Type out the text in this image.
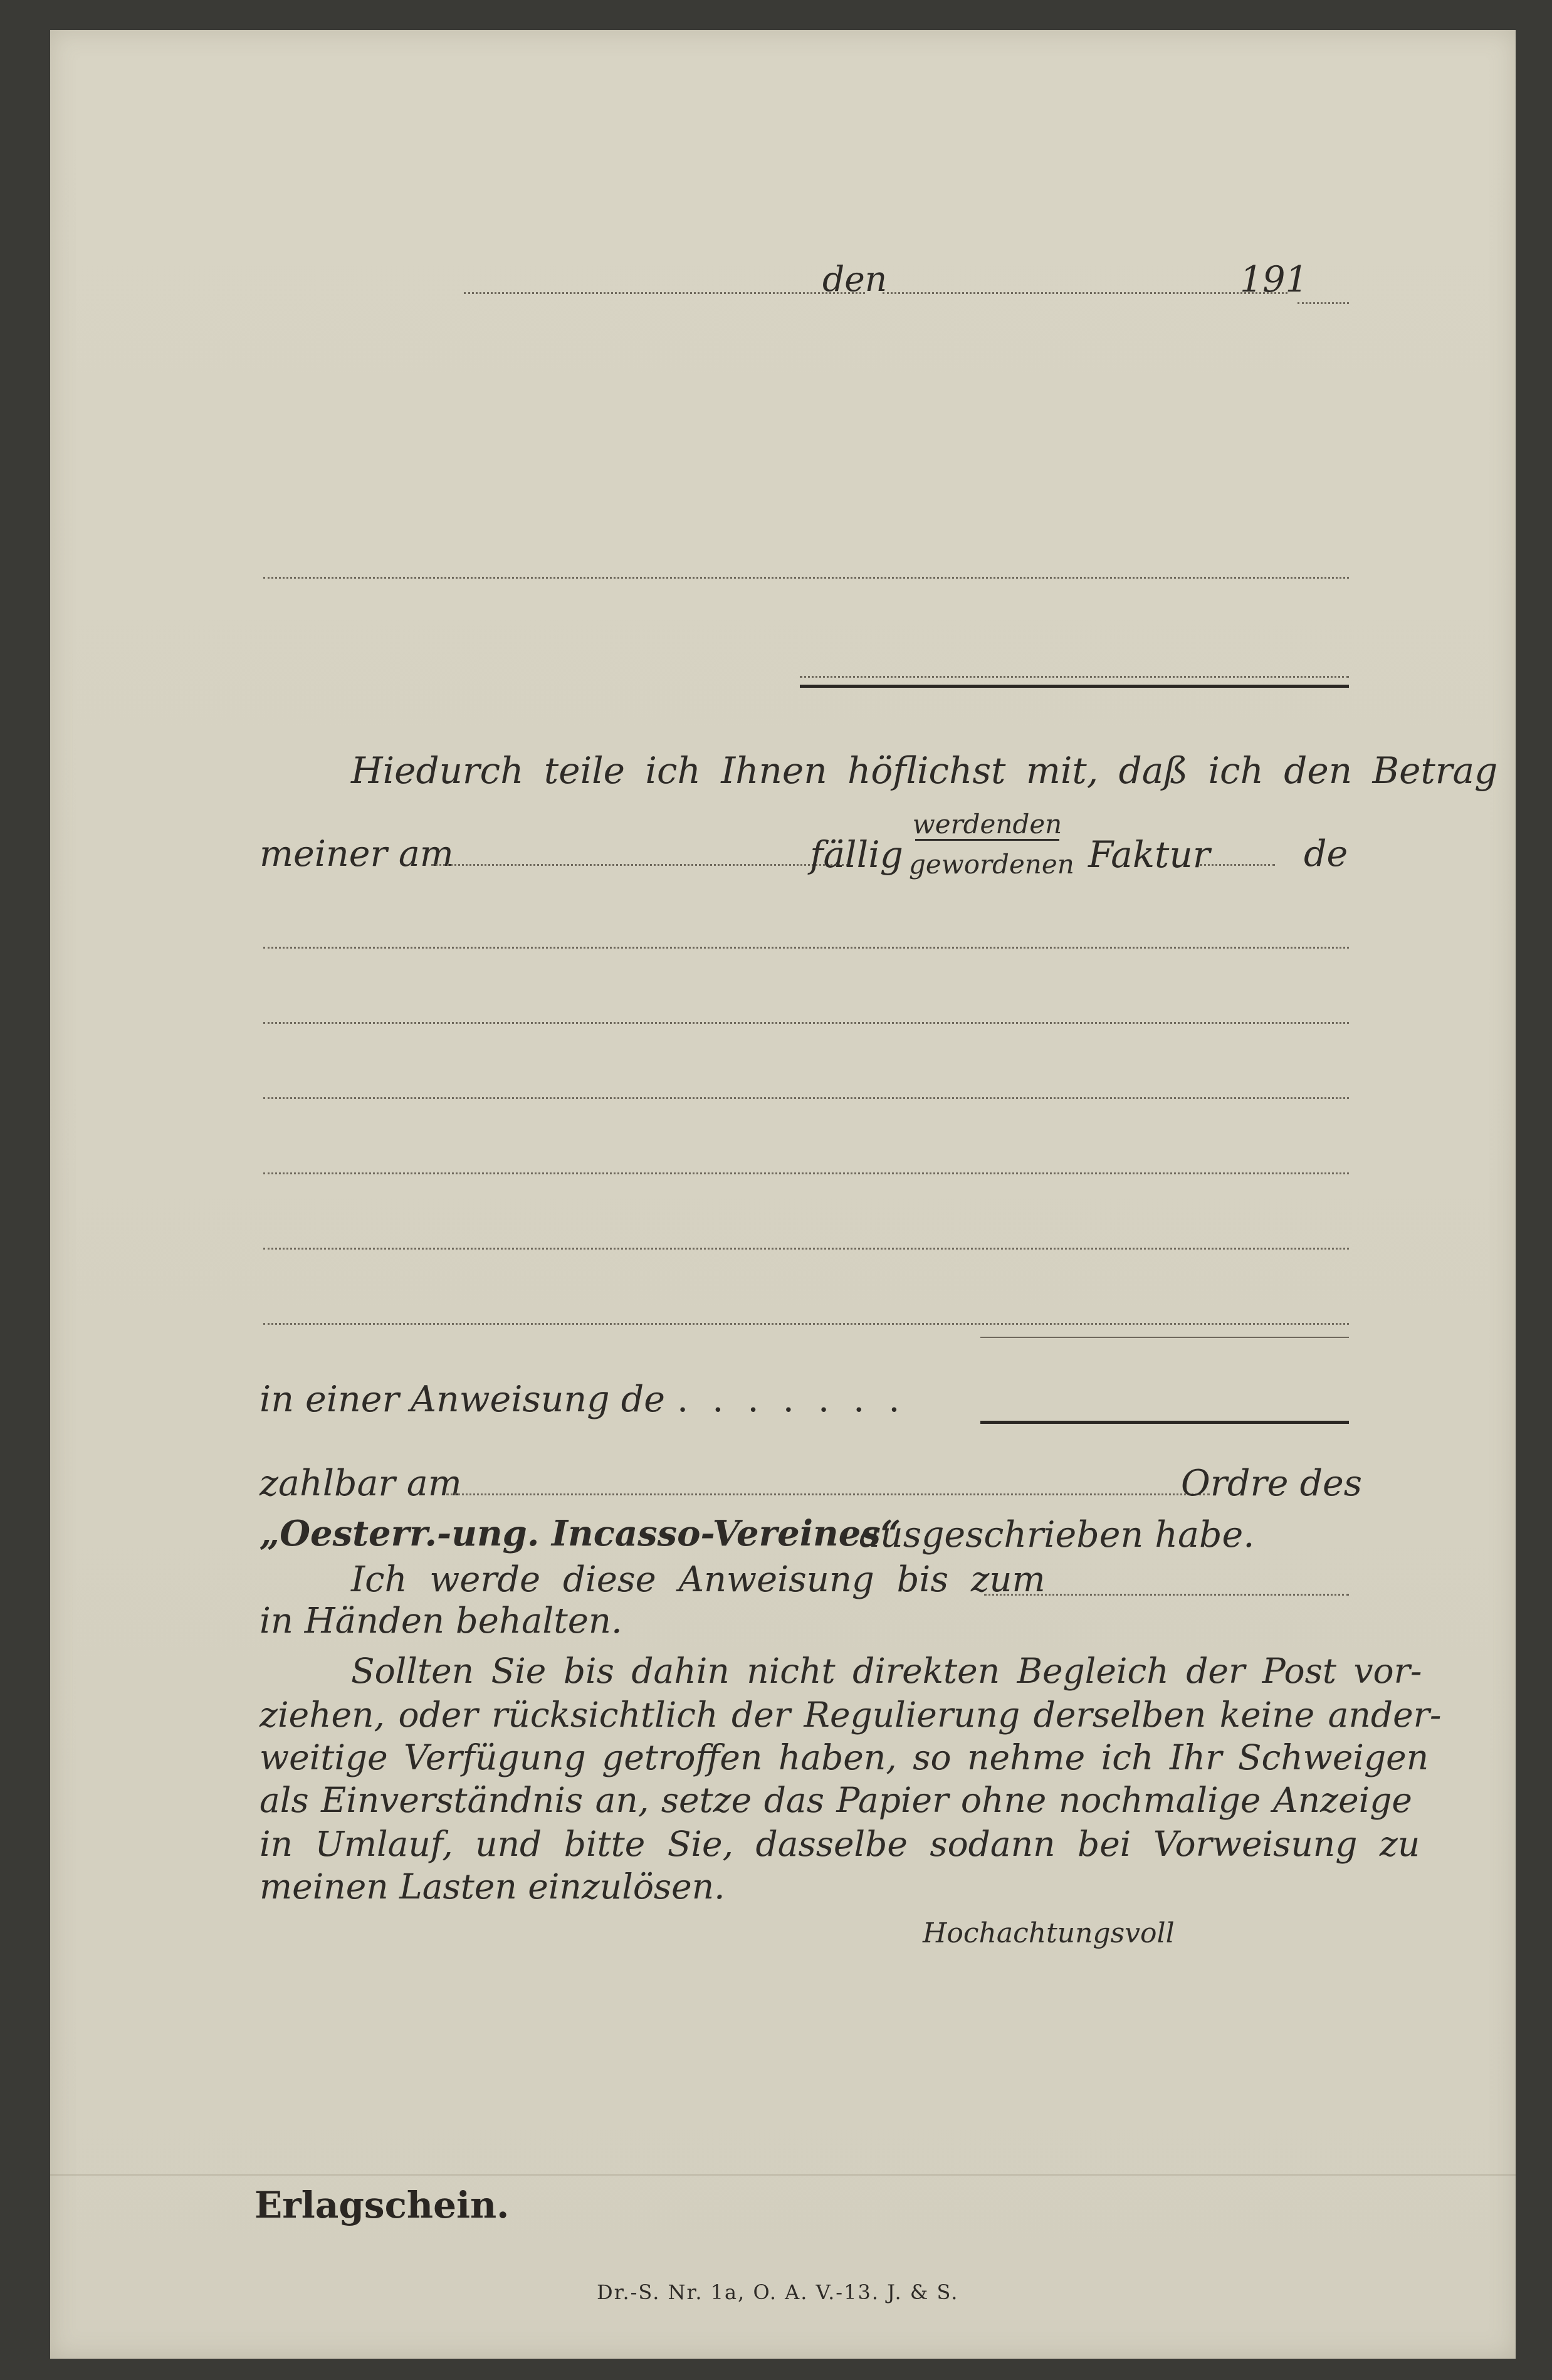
den	191
Hiedurch teile ich Ihnen höflichst mit, daß ich den Betrag
meiner am	fällig
werdenden
gewordenen Faktur	de
in einer Anweisung de . . . . . . .
zahlbar am	Ordre des
„Oesterr.-ung. Incasso-Vereines“
ausgeschrieben habe.
Ich werde diese Anweisung bis zum
in Händen behalten.
Sollten Sie bis dahin nicht direkten Begleich der Post vor-
ziehen, oder rücksichtlich der Regulierung derselben keine ander-
weitige Verfügung getroffen haben, so nehme ich Ihr Schweigen
als Einverständnis an, setze das Papier ohne nochmalige Anzeige
in Umlauf, und bitte Sie, dasselbe sodann bei Vorweisung zu
meinen Lasten einzulösen.
Hochachtungsvoll
Erlagschein.
Dr.-S. Nr. 1a, O. A. V.-13. J. & S.
